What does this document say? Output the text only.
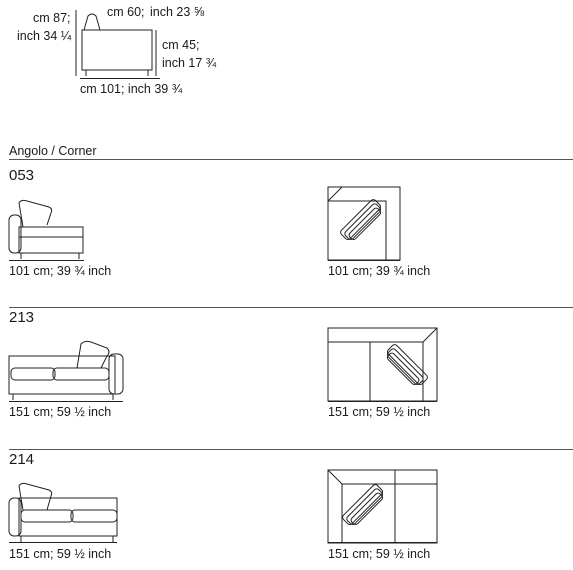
cm 87;
inch 34 ¼
cm 60; inch 23 ⅝
cm 45;
inch 17 ¾
cm 101; inch 39 ¾
Angolo / Corner
053
101 cm; 39 ¾ inch	101 cm; 39 ¾ inch
213
151 cm; 59 ½ inch	151 cm; 59 ½ inch
214
151 cm; 59 ½ inch	151 cm; 59 ½ inch
